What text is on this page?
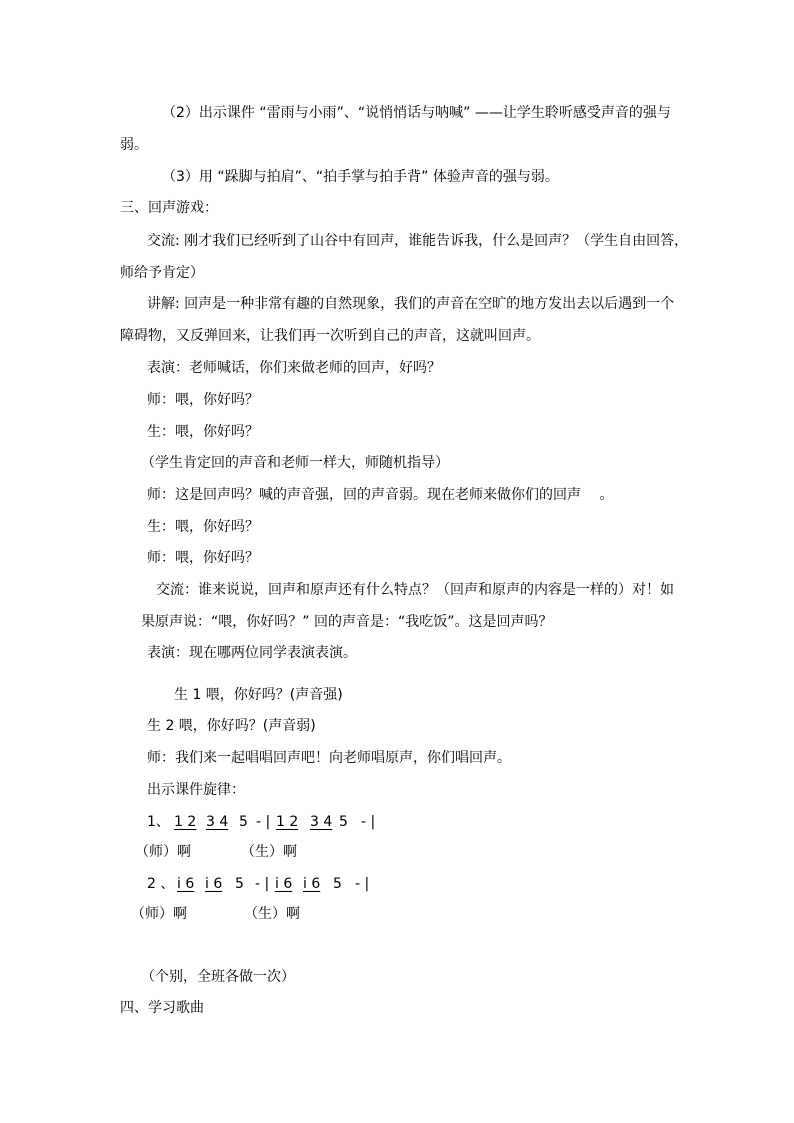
（2）出示课件 “雷雨与小雨”、“说悄悄话与呐喊” ——让学生聆听感受声音的强与
弱。
（3）用 “跺脚与拍肩”、“拍手掌与拍手背” 体验声音的强与弱。
三、回声游戏：
交流: 刚才我们已经听到了山谷中有回声，谁能告诉我，什么是回声？（学生自由回答，
师给予肯定）
讲解: 回声是一种非常有趣的自然现象，我们的声音在空旷的地方发出去以后遇到一个
障碍物，又反弹回来，让我们再一次听到自己的声音，这就叫回声。
表演：老师喊话，你们来做老师的回声，好吗？
师：喂，你好吗？
生：喂，你好吗？
（学生肯定回的声音和老师一样大，师随机指导）
师：这是回声吗？喊的声音强，回的声音弱。现在老师来做你们的回声 　。
生：喂，你好吗？
师：喂，你好吗？
交流：谁来说说，回声和原声还有什么特点？（回声和原声的内容是一样的）对！如
果原声说：“喂，你好吗？” 回的声音是：“我吃饭”。这是回声吗？
表演：现在哪两位同学表演表演。
生 1 喂，你好吗？(声音强)
生 2 喂，你好吗？(声音弱)
师：我们来一起唱唱回声吧！向老师唱原声，你们唱回声。
出示课件旋律：
1、 1 2 3 4 5 - | 1 2 3 4 5 - |
（师）啊	（生）啊
2 、 i 6 i 6 5 - | i 6 i 6 5 - |
（师）啊	（生）啊
（个别，全班各做一次）
四、学习歌曲
